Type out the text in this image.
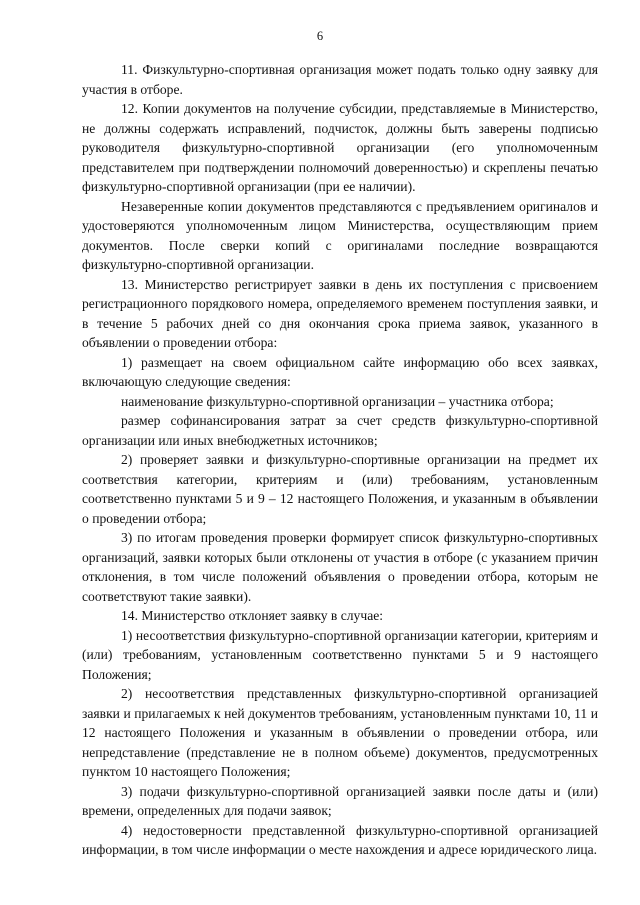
6

11. Физкультурно-спортивная организация может подать только одну заявку для участия в отборе.

12. Копии документов на получение субсидии, представляемые в Министерство, не должны содержать исправлений, подчисток, должны быть заверены подписью руководителя физкультурно-спортивной организации (его уполномоченным представителем при подтверждении полномочий доверенностью) и скреплены печатью физкультурно-спортивной организации (при ее наличии).

Незаверенные копии документов представляются с предъявлением оригиналов и удостоверяются уполномоченным лицом Министерства, осуществляющим прием документов. После сверки копий с оригиналами последние возвращаются физкультурно-спортивной организации.

13. Министерство регистрирует заявки в день их поступления с присвоением регистрационного порядкового номера, определяемого временем поступления заявки, и в течение 5 рабочих дней со дня окончания срока приема заявок, указанного в объявлении о проведении отбора:

1) размещает на своем официальном сайте информацию обо всех заявках, включающую следующие сведения:

наименование физкультурно-спортивной организации – участника отбора;

размер софинансирования затрат за счет средств физкультурно-спортивной организации или иных внебюджетных источников;

2) проверяет заявки и физкультурно-спортивные организации на предмет их соответствия категории, критериям и (или) требованиям, установленным соответственно пунктами 5 и 9 – 12 настоящего Положения, и указанным в объявлении о проведении отбора;

3) по итогам проведения проверки формирует список физкультурно-спортивных организаций, заявки которых были отклонены от участия в отборе (с указанием причин отклонения, в том числе положений объявления о проведении отбора, которым не соответствуют такие заявки).

14. Министерство отклоняет заявку в случае:

1) несоответствия физкультурно-спортивной организации категории, критериям и (или) требованиям, установленным соответственно пунктами 5 и 9 настоящего Положения;

2) несоответствия представленных физкультурно-спортивной организацией заявки и прилагаемых к ней документов требованиям, установленным пунктами 10, 11 и 12 настоящего Положения и указанным в объявлении о проведении отбора, или непредставление (представление не в полном объеме) документов, предусмотренных пунктом 10 настоящего Положения;

3) подачи физкультурно-спортивной организацией заявки после даты и (или) времени, определенных для подачи заявок;

4) недостоверности представленной физкультурно-спортивной организацией информации, в том числе информации о месте нахождения и адресе юридического лица.
